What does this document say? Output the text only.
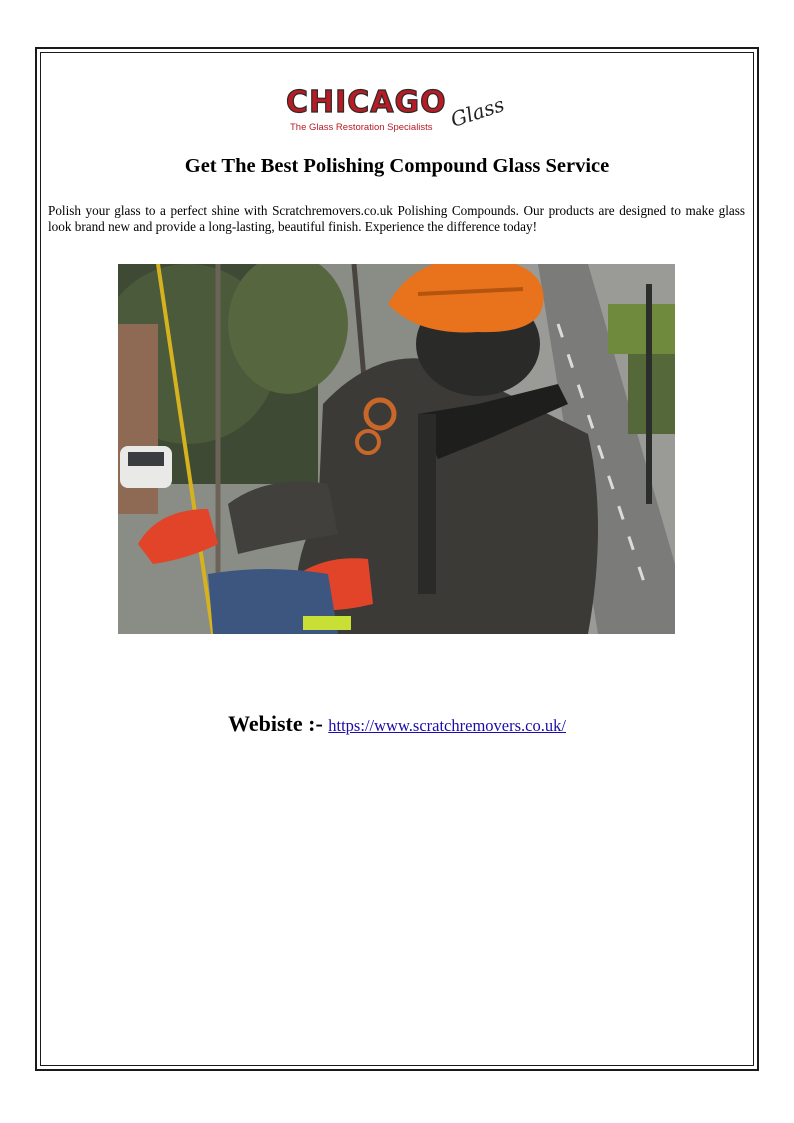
CHICAGO Glass
The Glass Restoration Specialists
Get The Best Polishing Compound Glass Service

Polish your glass to a perfect shine with Scratchremovers.co.uk Polishing Compounds. Our products are designed to make glass look brand new and provide a long-lasting, beautiful finish. Experience the difference today!

Webiste :- https://www.scratchremovers.co.uk/
